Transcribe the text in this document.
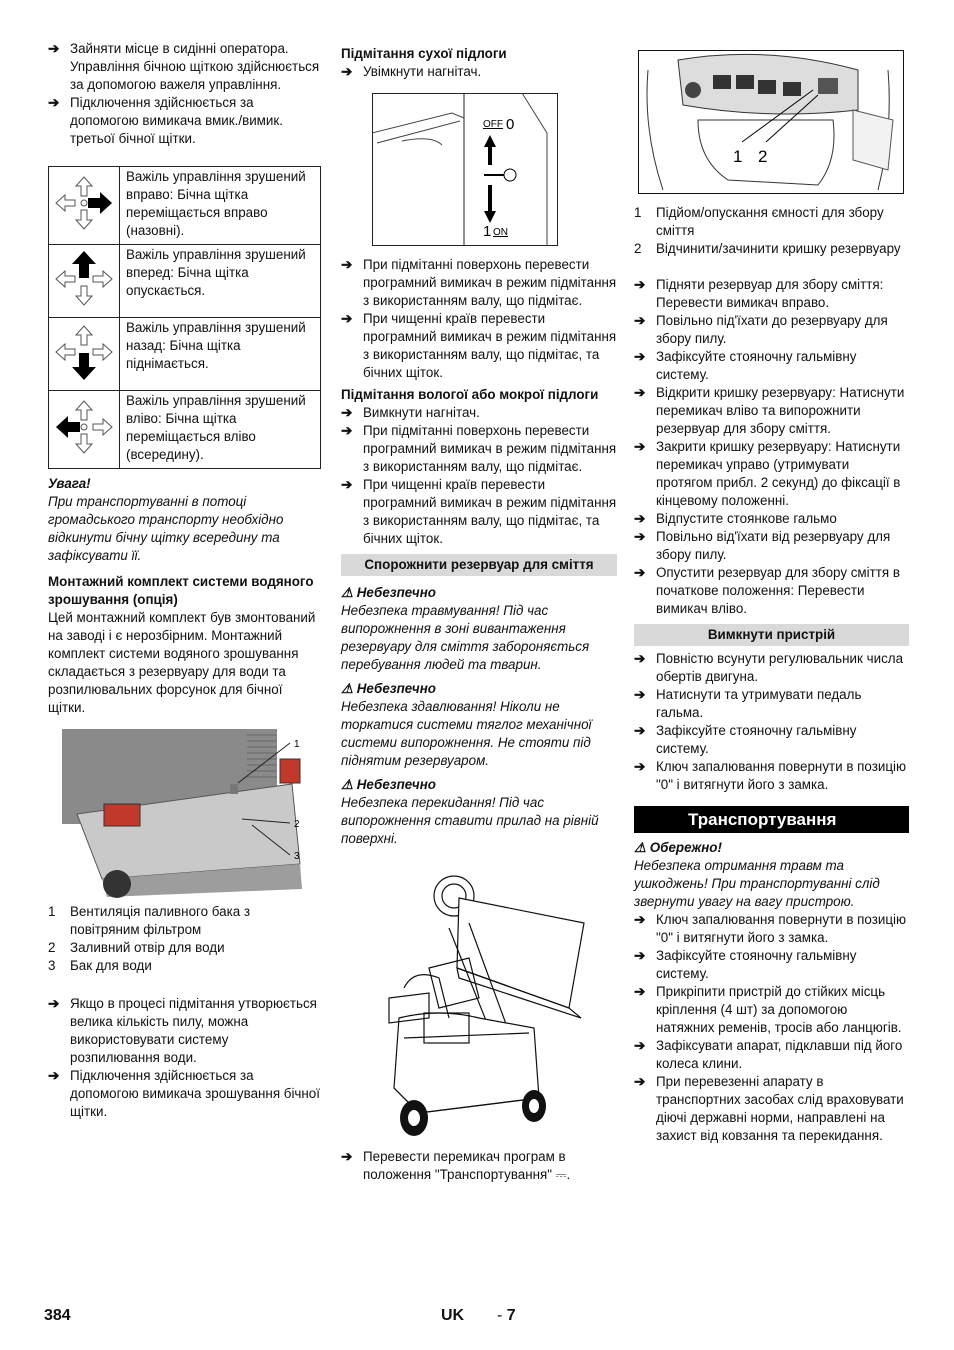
➔ Зайняти місце в сидінні оператора. Управління бічною щіткою здійснюється за допомогою важеля управління.

➔ Підключення здійснюється за допомогою вимикача вмик./вимик. третьої бічної щітки.

	Важіль управління зрушений вправо: Бічна щітка переміщається вправо (назовні).
	Важіль управління зрушений вперед: Бічна щітка опускається.
	Важіль управління зрушений назад: Бічна щітка піднімається.
	Важіль управління зрушений вліво: Бічна щітка переміщається вліво (всередину).

Увага!

При транспортуванні в потоці громадського транспорту необхідно відкинути бічну щітку всередину та зафіксувати її.

Монтажний комплект системи водяного зрошування (опція)

Цей монтажний комплект був змонтований на заводі і є нерозбірним. Монтажний комплект системи водяного зрошування складається з резервуару для води та розпилювальних форсунок для бічної щітки.

1
2
3

1 Вентиляція паливного бака з повітряним фільтром

2 Заливний отвір для води

3 Бак для води

➔ Якщо в процесі підмітання утворюється велика кількість пилу, можна використовувати систему розпилювання води.

➔ Підключення здійснюється за допомогою вимикача зрошування бічної щітки.

Підмітання сухої підлоги

➔ Увімкнути нагнітач.

OFF 0
1 ON

➔ При підмітанні поверхонь перевести програмний вимикач в режим підмітання з використанням валу, що підмітає.

➔ При чищенні країв перевести програмний вимикач в режим підмітання з використанням валу, що підмітає, та бічних щіток.

Підмітання вологої або мокрої підлоги

➔ Вимкнути нагнітач.

➔ При підмітанні поверхонь перевести програмний вимикач в режим підмітання з використанням валу, що підмітає.

➔ При чищенні країв перевести програмний вимикач в режим підмітання з використанням валу, що підмітає, та бічних щіток.

Спорожнити резервуар для сміття

⚠ Небезпечно

Небезпека травмування! Під час випорожнення в зоні вивантаження резервуару для сміття забороняється перебування людей та тварин.

⚠ Небезпечно

Небезпека здавлювання! Ніколи не торкатися системи тяглог механічної системи випорожнення. Не стояти під піднятим резервуаром.

⚠ Небезпечно

Небезпека перекидання! Під час випорожнення ставити прилад на рівній поверхні.

➔ Перевести перемикач програм в положення "Транспортування" ⎓.

1 2

1 Підйом/опускання ємності для збору сміття

2 Відчинити/зачинити кришку резервуару

➔ Підняти резервуар для збору сміття: Перевести вимикач вправо.

➔ Повільно під'їхати до резервуару для збору пилу.

➔ Зафіксуйте стояночну гальмівну систему.

➔ Відкрити кришку резервуару: Натиснути перемикач вліво та випорожнити резервуар для збору сміття.

➔ Закрити кришку резервуару: Натиснути перемикач управо (утримувати протягом прибл. 2 секунд) до фіксації в кінцевому положенні.

➔ Відпустите стоянкове гальмо

➔ Повільно від'їхати від резервуару для збору пилу.

➔ Опустити резервуар для збору сміття в початкове положення: Перевести вимикач вліво.

Вимкнути пристрій

➔ Повністю всунути регулювальник числа обертів двигуна.

➔ Натиснути та утримувати педаль гальма.

➔ Зафіксуйте стояночну гальмівну систему.

➔ Ключ запалювання повернути в позицію "0" і витягнути його з замка.

Транспортування

⚠ Обережно!

Небезпека отримання травм та ушкоджень! При транспортуванні слід звернути увагу на вагу пристрою.

➔ Ключ запалювання повернути в позицію "0" і витягнути його з замка.

➔ Зафіксуйте стояночну гальмівну систему.

➔ Прикріпити пристрій до стійких місць кріплення (4 шт) за допомогою натяжних ременів, тросів або ланцюгів.

➔ Зафіксувати апарат, підклавши під його колеса клини.

➔ При перевезенні апарату в транспортних засобах слід враховувати діючі державні норми, направлені на захист від ковзання та перекидання.

384	UK - 7
